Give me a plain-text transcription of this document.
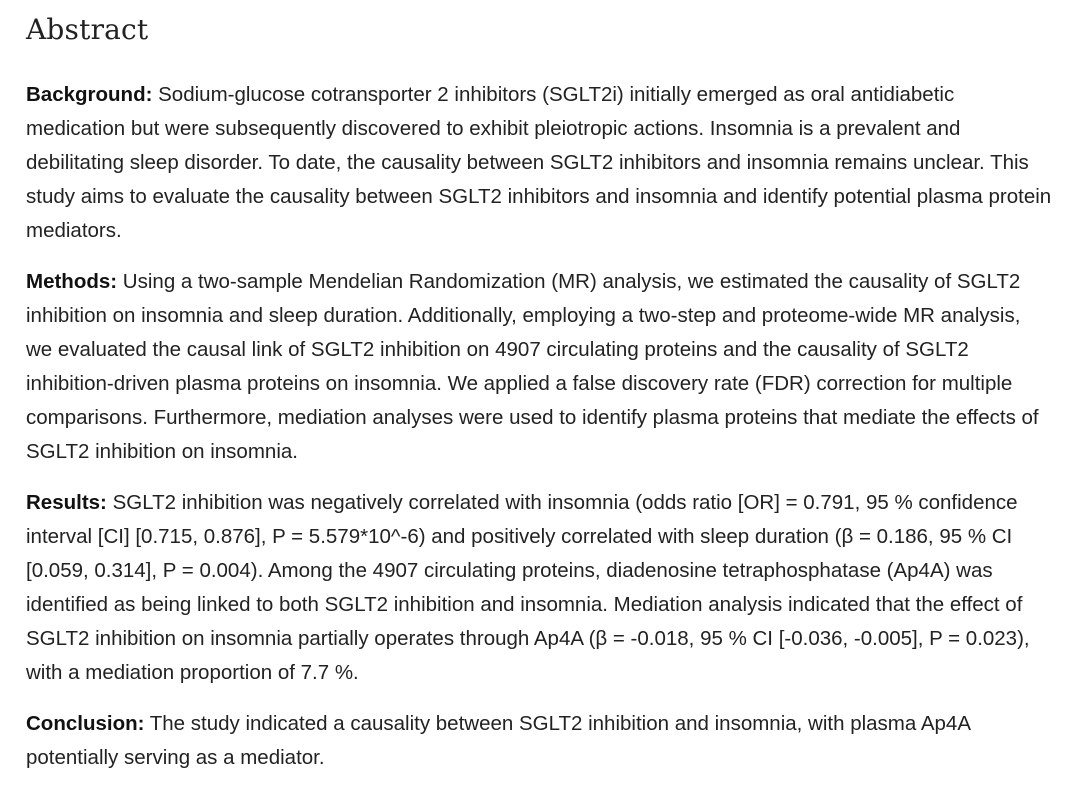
Abstract

Background: Sodium-glucose cotransporter 2 inhibitors (SGLT2i) initially emerged as oral antidiabetic medication but were subsequently discovered to exhibit pleiotropic actions. Insomnia is a prevalent and debilitating sleep disorder. To date, the causality between SGLT2 inhibitors and insomnia remains unclear. This study aims to evaluate the causality between SGLT2 inhibitors and insomnia and identify potential plasma protein mediators.

Methods: Using a two-sample Mendelian Randomization (MR) analysis, we estimated the causality of SGLT2 inhibition on insomnia and sleep duration. Additionally, employing a two-step and proteome-wide MR analysis, we evaluated the causal link of SGLT2 inhibition on 4907 circulating proteins and the causality of SGLT2 inhibition-driven plasma proteins on insomnia. We applied a false discovery rate (FDR) correction for multiple comparisons. Furthermore, mediation analyses were used to identify plasma proteins that mediate the effects of SGLT2 inhibition on insomnia.

Results: SGLT2 inhibition was negatively correlated with insomnia (odds ratio [OR] = 0.791, 95 % confidence interval [CI] [0.715, 0.876], P = 5.579*10^-6) and positively correlated with sleep duration (β = 0.186, 95 % CI [0.059, 0.314], P = 0.004). Among the 4907 circulating proteins, diadenosine tetraphosphatase (Ap4A) was identified as being linked to both SGLT2 inhibition and insomnia. Mediation analysis indicated that the effect of SGLT2 inhibition on insomnia partially operates through Ap4A (β = -0.018, 95 % CI [-0.036, -0.005], P = 0.023), with a mediation proportion of 7.7 %.

Conclusion: The study indicated a causality between SGLT2 inhibition and insomnia, with plasma Ap4A potentially serving as a mediator.
